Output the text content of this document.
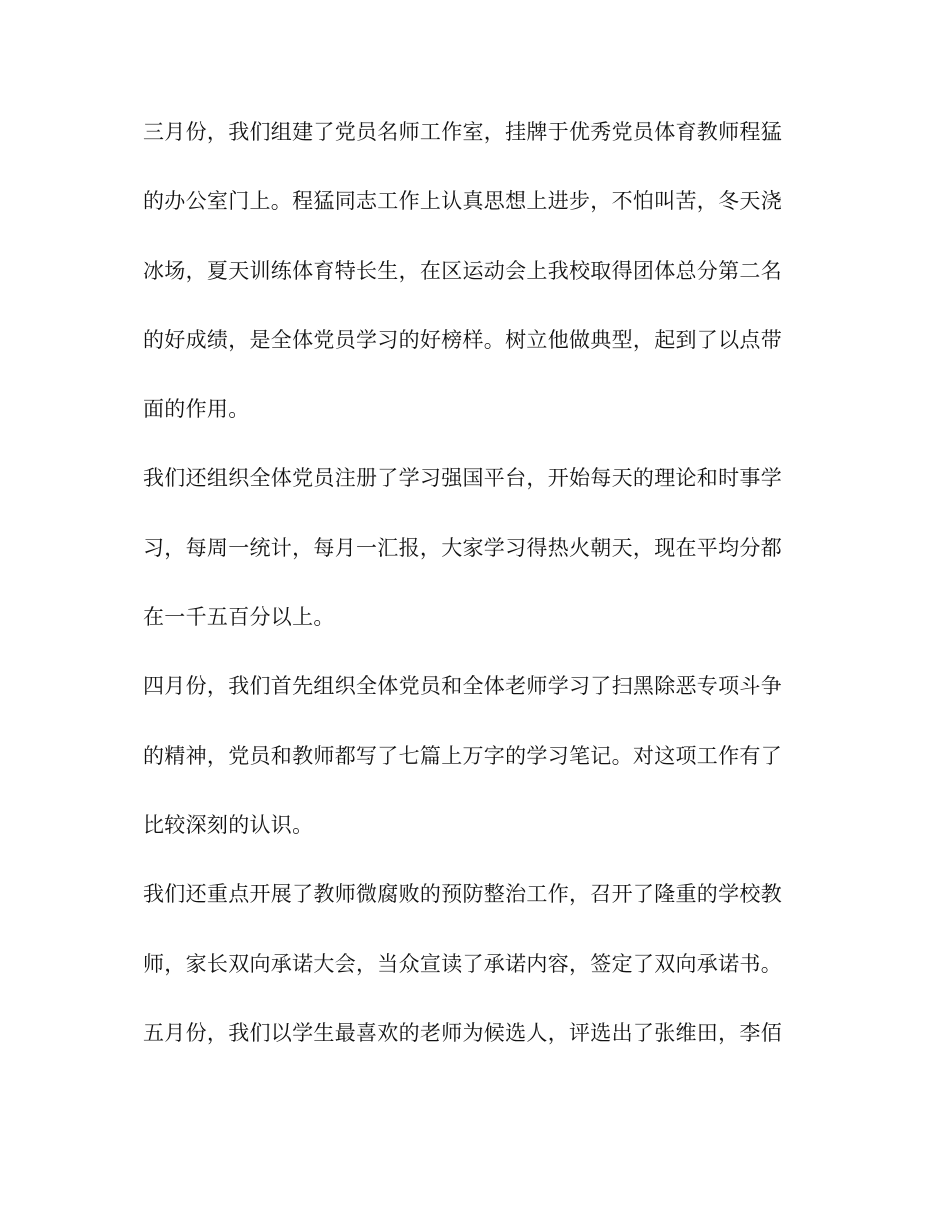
三月份，我们组建了党员名师工作室，挂牌于优秀党员体育教师程猛
的办公室门上。程猛同志工作上认真思想上进步，不怕叫苦，冬天浇
冰场，夏天训练体育特长生，在区运动会上我校取得团体总分第二名
的好成绩，是全体党员学习的好榜样。树立他做典型，起到了以点带
面的作用。
我们还组织全体党员注册了学习强国平台，开始每天的理论和时事学
习，每周一统计，每月一汇报，大家学习得热火朝天，现在平均分都
在一千五百分以上。
四月份，我们首先组织全体党员和全体老师学习了扫黑除恶专项斗争
的精神，党员和教师都写了七篇上万字的学习笔记。对这项工作有了
比较深刻的认识。
我们还重点开展了教师微腐败的预防整治工作，召开了隆重的学校教
师，家长双向承诺大会，当众宣读了承诺内容，签定了双向承诺书。
五月份，我们以学生最喜欢的老师为候选人，评选出了张维田，李佰
